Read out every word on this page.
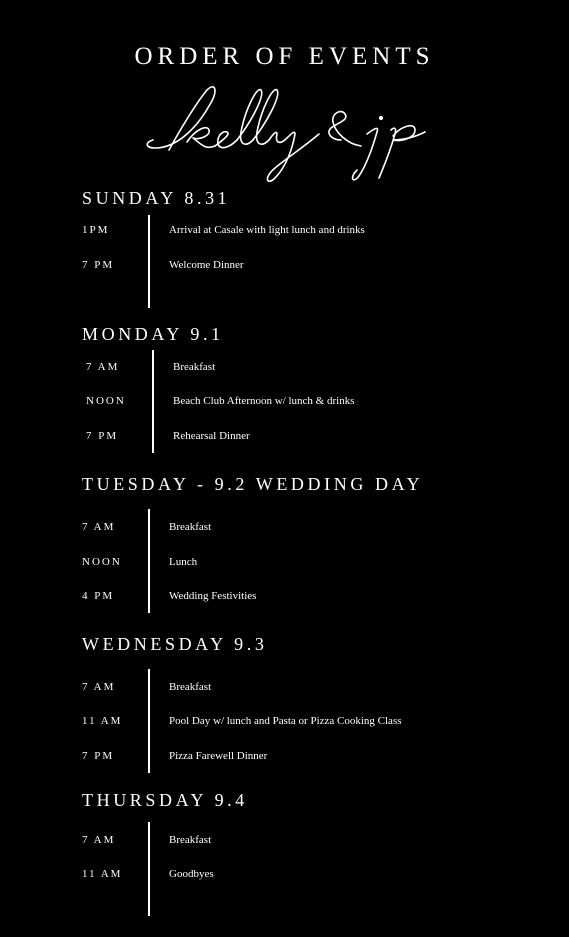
ORDER OF EVENTS
SUNDAY 8.31
1PM	Arrival at Casale with light lunch and drinks
7 PM	Welcome Dinner
MONDAY 9.1
7 AM	Breakfast
NOON	Beach Club Afternoon w/ lunch & drinks
7 PM	Rehearsal Dinner
TUESDAY - 9.2 WEDDING DAY
7 AM	Breakfast
NOON	Lunch
4 PM	Wedding Festivities
WEDNESDAY 9.3
7 AM	Breakfast
11 AM	Pool Day w/ lunch and Pasta or Pizza Cooking Class
7 PM	Pizza Farewell Dinner
THURSDAY 9.4
7 AM	Breakfast
11 AM	Goodbyes
